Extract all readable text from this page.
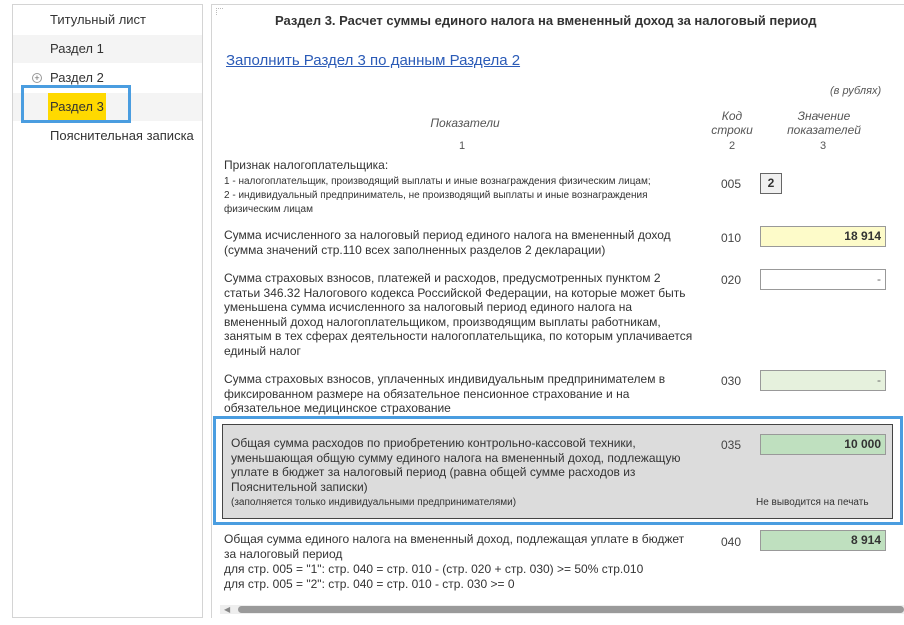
Титульный лист
Раздел 1
+ Раздел 2
Раздел 3
Пояснительная записка
Раздел 3. Расчет суммы единого налога на вмененный доход за налоговый период
Заполнить Раздел 3 по данным Раздела 2
(в рублях)
Показатели
1
Код
строки
2
Значение
показателей
3
Признак налогоплательщика:
1 - налогоплательщик, производящий выплаты и иные вознаграждения физическим лицам;
2 - индивидуальный предприниматель, не производящий выплаты и иные вознаграждения физическим лицам
005	2
Сумма исчисленного за налоговый период единого налога на вмененный доход (сумма значений стр.110 всех заполненных разделов 2 декларации)
010	18 914
Сумма страховых взносов, платежей и расходов, предусмотренных пунктом 2 статьи 346.32 Налогового кодекса Российской Федерации, на которые может быть уменьшена сумма исчисленного за налоговый период единого налога на вмененный доход налогоплательщиком, производящим выплаты работникам, занятым в тех сферах деятельности налогоплательщика, по которым уплачивается единый налог
020	-
Сумма страховых взносов, уплаченных индивидуальным предпринимателем в фиксированном размере на обязательное пенсионное страхование и на обязательное медицинское страхование
030	-
Общая сумма расходов по приобретению контрольно-кассовой техники, уменьшающая общую сумму единого налога на вмененный доход, подлежащую уплате в бюджет за налоговый период (равна общей сумме расходов из Пояснительной записки)
(заполняется только индивидуальными предпринимателями)	Не выводится на печать
035	10 000
Общая сумма единого налога на вмененный доход, подлежащая уплате в бюджет за налоговый период
для стр. 005 = "1": стр. 040 = стр. 010 - (стр. 020 + стр. 030) >= 50% стр.010
для стр. 005 = "2": стр. 040 = стр. 010 - стр. 030 >= 0
040	8 914
◀
